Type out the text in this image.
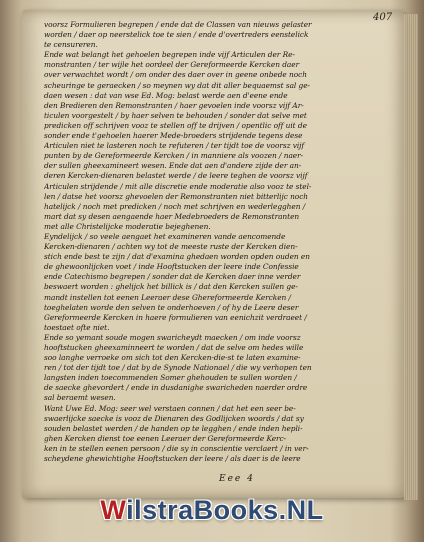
407
voorsz Formulieren begrepen / ende dat de Classen van nieuws gelaster
worden / daer op neerstelick toe te sien / ende d'overtreders eenstelick
te censureren.
Ende wat belangt het gehoelen begrepen inde vijf Articulen der Re-
monstranten / ter wijle het oordeel der Gereformeerde Kercken daer
over verwachtet wordt / om onder des daer over in geene onbede noch
scheuringe te geraecken / so meynen wy dat dit aller bequaemst sal ge-
daen wesen : dat van wse Ed. Mog: belast werde aen d'eene ende
den Bredieren den Remonstranten / haer gevoelen inde voorsz vijf Ar-
ticulen voorgestelt / by haer selven te behouden / sonder dat selve met
predicken off schrijven vooz te stellen off te drijven / opentlic off uit de
sonder ende t'gehoelen haerer Mede-broeders strijdende tegens dese
Articulen niet te lasteren noch te refuteren / ter tijdt toe de voorsz vijf
punten by de Gereformeerde Kercken / in manniere als voozen / naer-
der sullen gheexamineert wesen. Ende dat aen d'andere zijde der an-
deren Kercken-dienaren belastet werde / de leere teghen de voorsz vijf
Articulen strijdende / mit alle discretie ende moderatie also vooz te stel-
len / datse het voorsz ghevoelen der Remonstranten niet bitterlijc noch
hatelijck / noch met predicken / noch met schrijven en wederlegghen /
mart dat sy desen aengaende haer Medebroeders de Remonstranten
met alle Christelijcke moderatie bejeghenen.
Eyndelijck / so veele aengaet het examineren vande aencomende
Kercken-dienaren / achten wy tot de meeste ruste der Kercken dien-
stich ende best te zijn / dat d'examina ghedaen worden opden ouden en
de ghewoonlijcken voet / inde Hooftstucken der leere inde Confessie
ende Catechismo begrepen / sonder dat de Kercken daer inne verder
beswaert worden : ghelijck het billick is / dat den Kercken sullen ge-
mandt instellen tot eenen Leeraer dese Ghereformeerde Kercken /
toeghelaten worde den selven te onderhoeven / of hy de Leere deser
Gereformeerde Kercken in haere formulieren van eenichzit verdraeet /
toestaet ofte niet.
Ende so yemant soude mogen swaricheydt maecken / om inde voorsz
hooftstucken gheexaminneert te worden / dat de selve om hedes wille
soo langhe verroeke om sich tot den Kercken-die-st te laten examine-
ren / tot der tijdt toe / dat by de Synode Nationael / die wy verhopen ten
langsten inden toecommenden Somer ghehouden te sullen worden /
de saecke ghevordert / ende in dusdanighe swaricheden naerder ordre
sal beraemt wesen.
Want Uwe Ed. Mog: seer wel verstaen connen / dat het een seer be-
swaerlijcke saecke is vooz de Dienaren des Godlijcken woords / dat sy
souden belastet werden / de handen op te legghen / ende inden hepli-
ghen Kercken dienst toe eenen Leeraer der Gereformeerde Kerc-
ken in te stellen eenen persoon / die sy in conscientie verclaert / in ver-
scheydene ghewichtighe Hooftstucken der leere / als daer is de leere
Eee 4
WilstraBooks.NL
